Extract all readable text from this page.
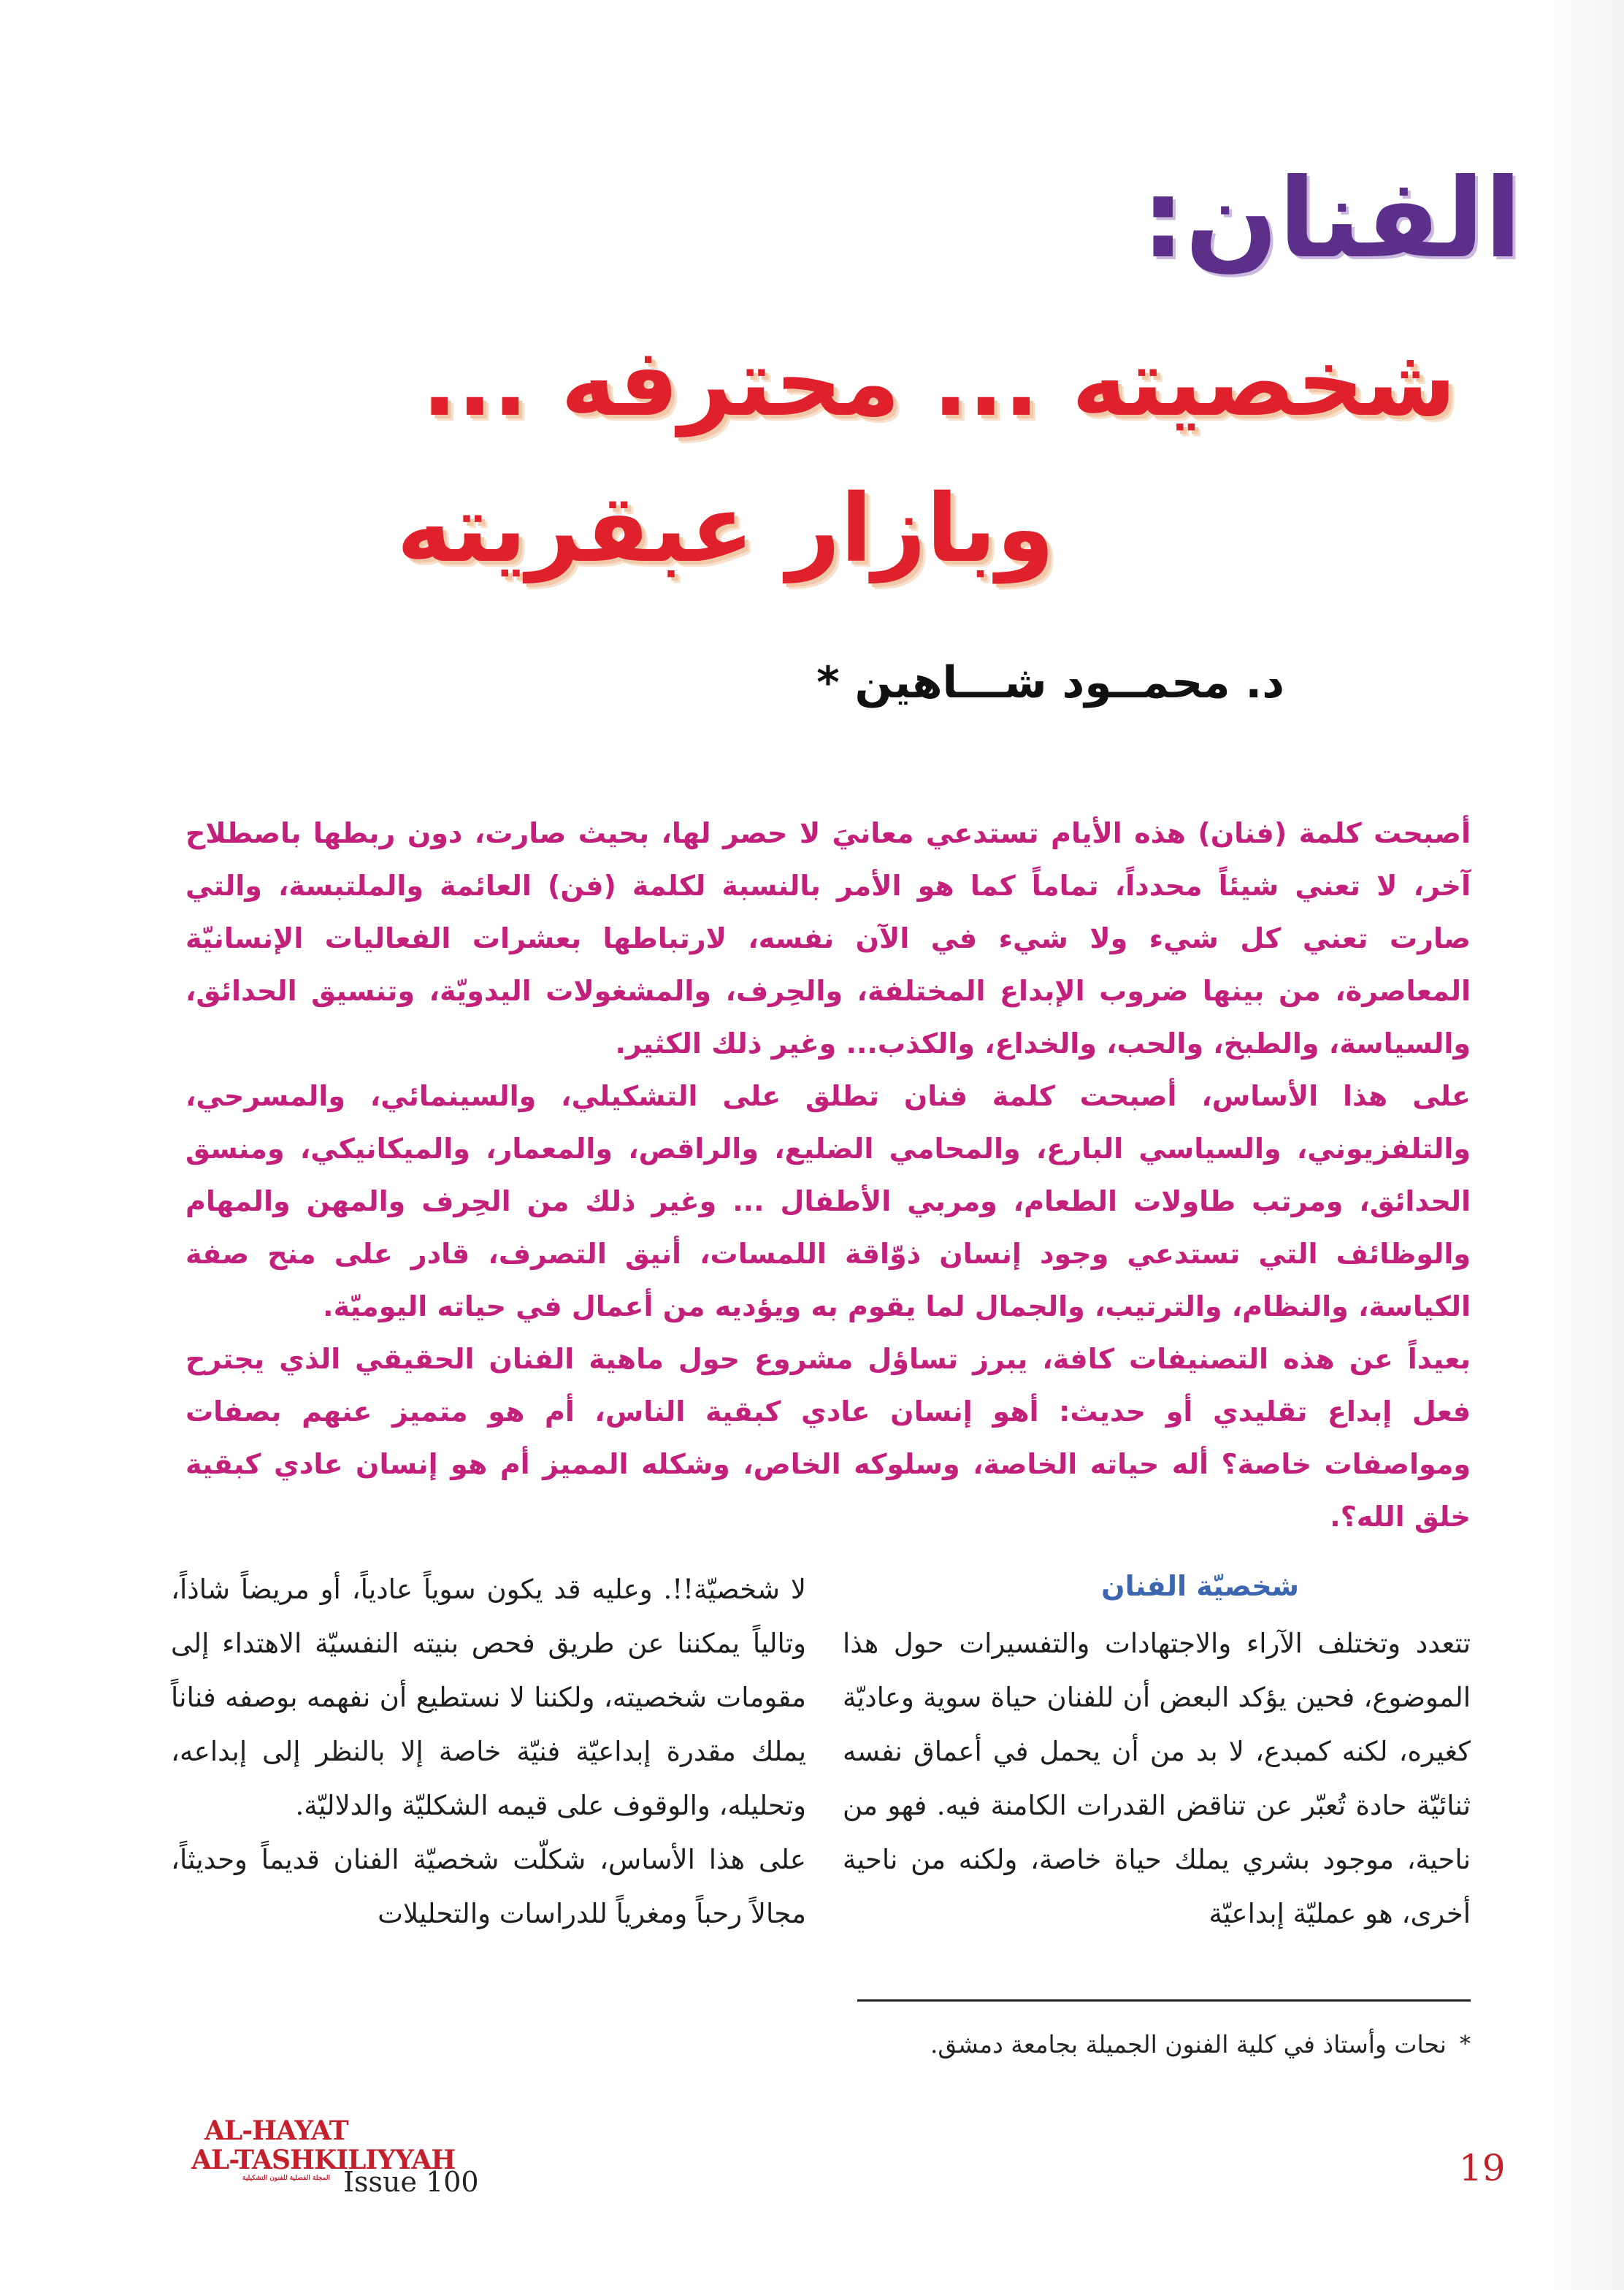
الفنان:
شخصيته ... محترفه ...
وبازار عبقريته
د. محمــود شـــاهين *

أصبحت كلمة (فنان) هذه الأيام تستدعي معانيَ لا حصر لها، بحيث صارت، دون ربطها باصطلاح آخر، لا تعني شيئاً محدداً، تماماً كما هو الأمر بالنسبة لكلمة (فن) العائمة والملتبسة، والتي صارت تعني كل شيء ولا شيء في الآن نفسه، لارتباطها بعشرات الفعاليات الإنسانيّة المعاصرة، من بينها ضروب الإبداع المختلفة، والحِرف، والمشغولات اليدويّة، وتنسيق الحدائق، والسياسة، والطبخ، والحب، والخداع، والكذب... وغير ذلك الكثير.

على هذا الأساس، أصبحت كلمة فنان تطلق على التشكيلي، والسينمائي، والمسرحي، والتلفزيوني، والسياسي البارع، والمحامي الضليع، والراقص، والمعمار، والميكانيكي، ومنسق الحدائق، ومرتب طاولات الطعام، ومربي الأطفال ... وغير ذلك من الحِرف والمهن والمهام والوظائف التي تستدعي وجود إنسان ذوّاقة اللمسات، أنيق التصرف، قادر على منح صفة الكياسة، والنظام، والترتيب، والجمال لما يقوم به ويؤديه من أعمال في حياته اليوميّة.

بعيداً عن هذه التصنيفات كافة، يبرز تساؤل مشروع حول ماهية الفنان الحقيقي الذي يجترح فعل إبداع تقليدي أو حديث: أهو إنسان عادي كبقية الناس، أم هو متميز عنهم بصفات ومواصفات خاصة؟ أله حياته الخاصة، وسلوكه الخاص، وشكله المميز أم هو إنسان عادي كبقية خلق الله؟.

شخصيّة الفنان

تتعدد وتختلف الآراء والاجتهادات والتفسيرات حول هذا الموضوع، فحين يؤكد البعض أن للفنان حياة سوية وعاديّة كغيره، لكنه كمبدع، لا بد من أن يحمل في أعماق نفسه ثنائيّة حادة تُعبّر عن تناقض القدرات الكامنة فيه. فهو من ناحية، موجود بشري يملك حياة خاصة، ولكنه من ناحية أخرى، هو عمليّة إبداعيّة

لا شخصيّة!!. وعليه قد يكون سوياً عادياً، أو مريضاً شاذاً، وتالياً يمكننا عن طريق فحص بنيته النفسيّة الاهتداء إلى مقومات شخصيته، ولكننا لا نستطيع أن نفهمه بوصفه فناناً يملك مقدرة إبداعيّة فنيّة خاصة إلا بالنظر إلى إبداعه، وتحليله، والوقوف على قيمه الشكليّة والدلاليّة.

على هذا الأساس، شكلّت شخصيّة الفنان قديماً وحديثاً، مجالاً رحباً ومغرياً للدراسات والتحليلات

*نحات وأستاذ في كلية الفنون الجميلة بجامعة دمشق.
AL-HAYAT
AL-TASHKILIYYAH
المجلة الفصلية للفنون التشكيلية Issue 100	19
